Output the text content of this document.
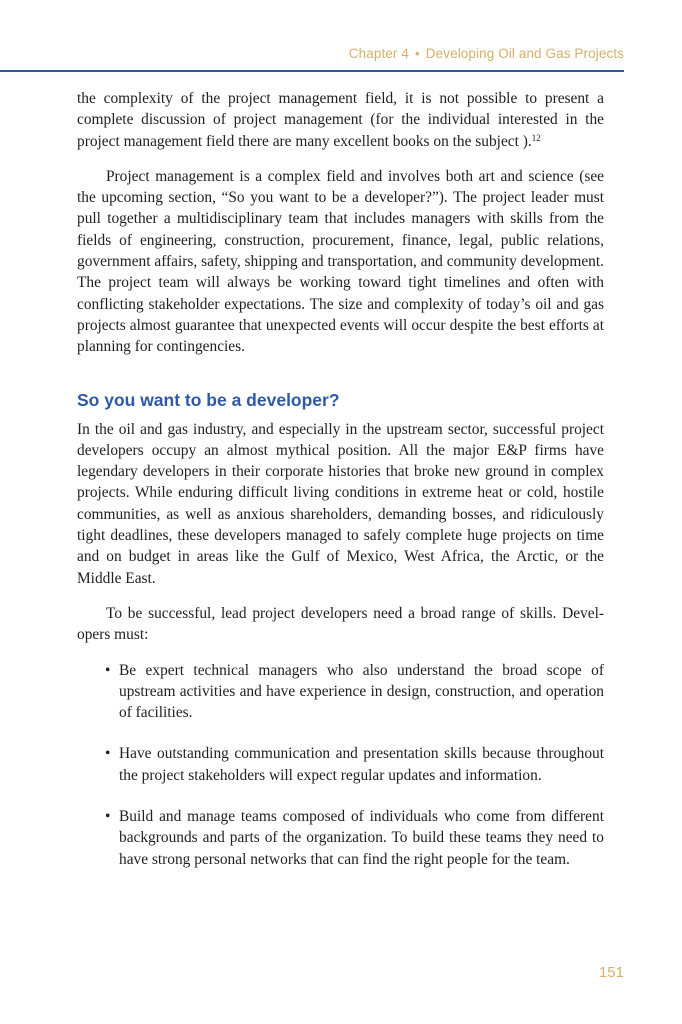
Chapter 4 • Developing Oil and Gas Projects

the complexity of the project management field, it is not possible to present a complete discussion of project management (for the individual interested in the project management field there are many excellent books on the subject ).$^{12}$

Project management is a complex field and involves both art and science (see the upcoming section, “So you want to be a developer?”). The project leader must pull together a multidisciplinary team that includes managers with skills from the fields of engineering, construction, procurement, finance, legal, public relations, government affairs, safety, shipping and transportation, and community development. The project team will always be working toward tight timelines and often with conflicting stakeholder expectations. The size and complexity of today’s oil and gas projects almost guarantee that unexpected events will occur despite the best efforts at planning for contingencies.

So you want to be a developer?

In the oil and gas industry, and especially in the upstream sector, successful project developers occupy an almost mythical position. All the major E&P firms have legendary developers in their corporate histories that broke new ground in complex projects. While enduring difficult living conditions in extreme heat or cold, hostile communities, as well as anxious shareholders, demanding bosses, and ridiculously tight deadlines, these developers managed to safely complete huge projects on time and on budget in areas like the Gulf of Mexico, West Africa, the Arctic, or the Middle East.

To be successful, lead project developers need a broad range of skills. Developers must:

• Be expert technical managers who also understand the broad scope of upstream activities and have experience in design, construction, and operation of facilities.
• Have outstanding communication and presentation skills because throughout the project stakeholders will expect regular updates and information.
• Build and manage teams composed of individuals who come from different backgrounds and parts of the organization. To build these teams they need to have strong personal networks that can find the right people for the team.
151
